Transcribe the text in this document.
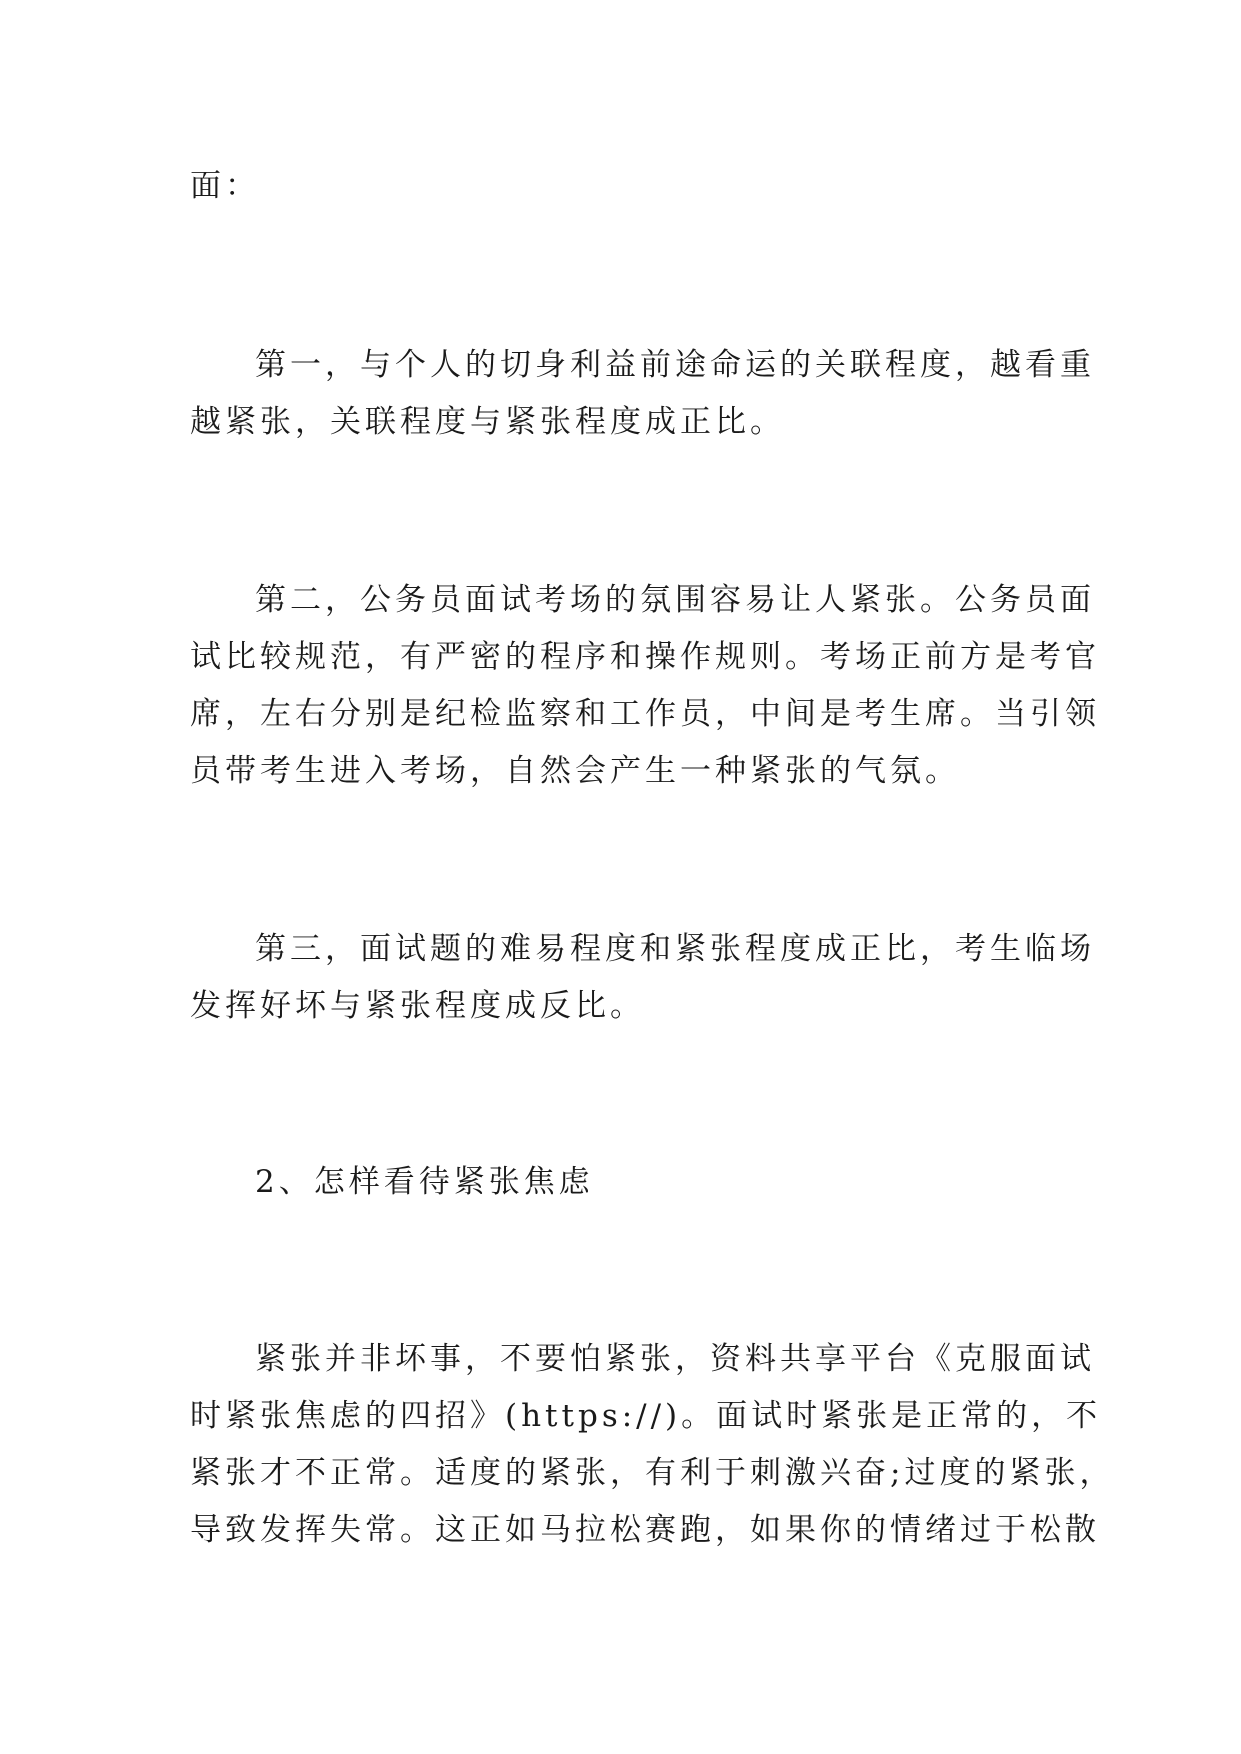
面：
第一，与个人的切身利益前途命运的关联程度，越看重
越紧张，关联程度与紧张程度成正比。
第二，公务员面试考场的氛围容易让人紧张。公务员面
试比较规范，有严密的程序和操作规则。考场正前方是考官
席，左右分别是纪检监察和工作员，中间是考生席。当引领
员带考生进入考场，自然会产生一种紧张的气氛。
第三，面试题的难易程度和紧张程度成正比，考生临场
发挥好坏与紧张程度成反比。
2、怎样看待紧张焦虑
紧张并非坏事，不要怕紧张，资料共享平台《克服面试
时紧张焦虑的四招》(https://)。面试时紧张是正常的，不
紧张才不正常。适度的紧张，有利于刺激兴奋;过度的紧张，
导致发挥失常。这正如马拉松赛跑，如果你的情绪过于松散
